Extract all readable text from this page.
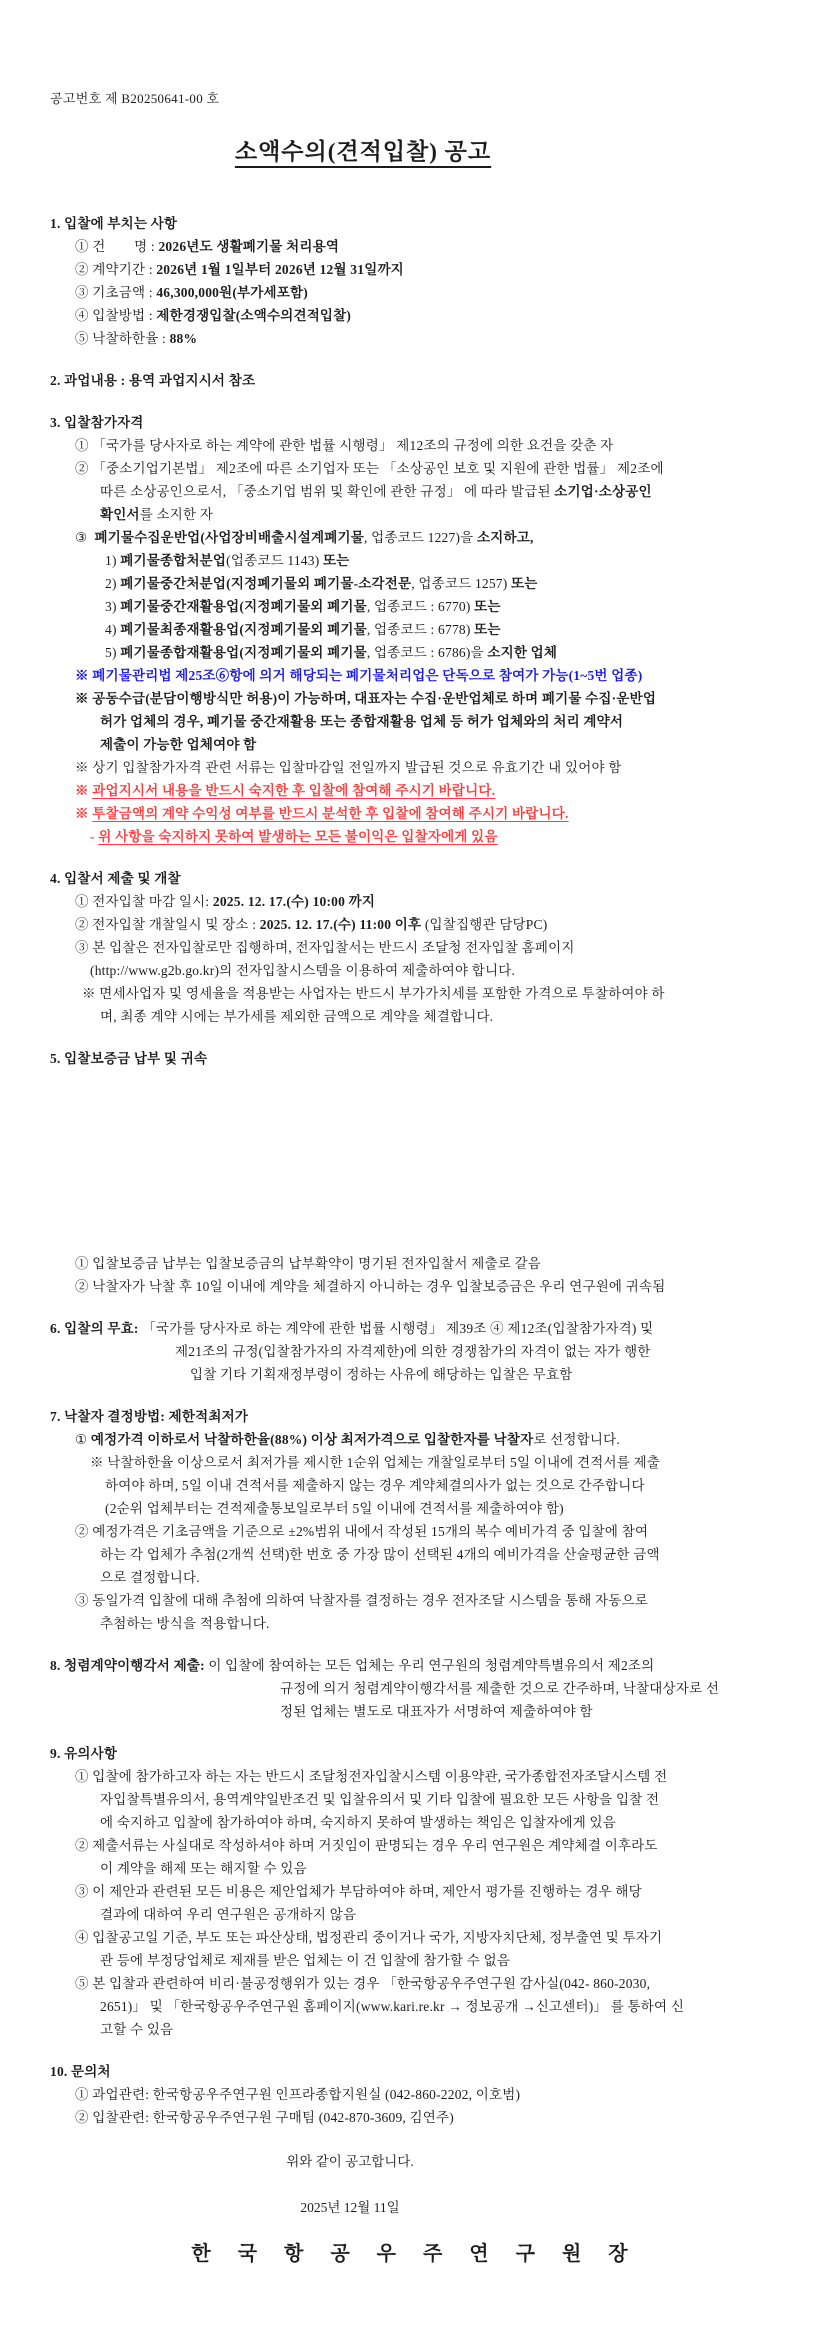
공고번호 제 B20250641-00 호
소액수의(견적입찰) 공고
1. 입찰에 부치는 사항
① 건        명 : 2026년도 생활폐기물 처리용역
② 계약기간 : 2026년 1월 1일부터 2026년 12월 31일까지
③ 기초금액 : 46,300,000원(부가세포함)
④ 입찰방법 : 제한경쟁입찰(소액수의견적입찰)
⑤ 낙찰하한율 : 88%
2. 과업내용 : 용역 과업지시서 참조
3. 입찰참가자격
① 「국가를 당사자로 하는 계약에 관한 법률 시행령」 제12조의 규정에 의한 요건을 갖춘 자
② 「중소기업기본법」 제2조에 따른 소기업자 또는 「소상공인 보호 및 지원에 관한 법률」 제2조에
따른 소상공인으로서, 「중소기업 범위 및 확인에 관한 규정」 에 따라 발급된 소기업·소상공인
확인서를 소지한 자
③  폐기물수집운반업(사업장비배출시설계폐기물, 업종코드 1227)을 소지하고,
1) 폐기물종합처분업(업종코드 1143) 또는
2) 폐기물중간처분업(지정폐기물외 폐기물-소각전문, 업종코드 1257) 또는
3) 폐기물중간재활용업(지정폐기물외 폐기물, 업종코드 : 6770) 또는
4) 폐기물최종재활용업(지정폐기물외 폐기물, 업종코드 : 6778) 또는
5) 폐기물종합재활용업(지정폐기물외 폐기물, 업종코드 : 6786)을 소지한 업체
※ 폐기물관리법 제25조⑥항에 의거 해당되는 폐기물처리업은 단독으로 참여가 가능(1~5번 업종)
※ 공동수급(분담이행방식만 허용)이 가능하며, 대표자는 수집·운반업체로 하며 폐기물 수집·운반업
허가 업체의 경우, 폐기물 중간재활용 또는 종합재활용 업체 등 허가 업체와의 처리 계약서
제출이 가능한 업체여야 함
※ 상기 입찰참가자격 관련 서류는 입찰마감일 전일까지 발급된 것으로 유효기간 내 있어야 함
※ 과업지시서 내용을 반드시 숙지한 후 입찰에 참여해 주시기 바랍니다.
※ 투찰금액의 계약 수익성 여부를 반드시 분석한 후 입찰에 참여해 주시기 바랍니다.
- 위 사항을 숙지하지 못하여 발생하는 모든 불이익은 입찰자에게 있음
4. 입찰서 제출 및 개찰
① 전자입찰 마감 일시: 2025. 12. 17.(수) 10:00 까지
② 전자입찰 개찰일시 및 장소 : 2025. 12. 17.(수) 11:00 이후 (입찰집행관 담당PC)
③ 본 입찰은 전자입찰로만 집행하며, 전자입찰서는 반드시 조달청 전자입찰 홈페이지
(http://www.g2b.go.kr)의 전자입찰시스템을 이용하여 제출하여야 합니다.
※ 면세사업자 및 영세율을 적용받는 사업자는 반드시 부가가치세를 포함한 가격으로 투찰하여야 하
며, 최종 계약 시에는 부가세를 제외한 금액으로 계약을 체결합니다.
5. 입찰보증금 납부 및 귀속
① 입찰보증금 납부는 입찰보증금의 납부확약이 명기된 전자입찰서 제출로 갈음
② 낙찰자가 낙찰 후 10일 이내에 계약을 체결하지 아니하는 경우 입찰보증금은 우리 연구원에 귀속됨
6. 입찰의 무효: 「국가를 당사자로 하는 계약에 관한 법률 시행령」 제39조 ④ 제12조(입찰참가자격) 및
제21조의 규정(입찰참가자의 자격제한)에 의한 경쟁참가의 자격이 없는 자가 행한
입찰 기타 기획재정부령이 정하는 사유에 해당하는 입찰은 무효함
7. 낙찰자 결정방법: 제한적최저가
① 예정가격 이하로서 낙찰하한율(88%) 이상 최저가격으로 입찰한자를 낙찰자로 선정합니다.
※ 낙찰하한율 이상으로서 최저가를 제시한 1순위 업체는 개찰일로부터 5일 이내에 견적서를 제출
하여야 하며, 5일 이내 견적서를 제출하지 않는 경우 계약체결의사가 없는 것으로 간주합니다
(2순위 업체부터는 견적제출통보일로부터 5일 이내에 견적서를 제출하여야 함)
② 예정가격은 기초금액을 기준으로 ±2%범위 내에서 작성된 15개의 복수 예비가격 중 입찰에 참여
하는 각 업체가 추첨(2개씩 선택)한 번호 중 가장 많이 선택된 4개의 예비가격을 산술평균한 금액
으로 결정합니다.
③ 동일가격 입찰에 대해 추첨에 의하여 낙찰자를 결정하는 경우 전자조달 시스템을 통해 자동으로
추첨하는 방식을 적용합니다.
8. 청렴계약이행각서 제출: 이 입찰에 참여하는 모든 업체는 우리 연구원의 청렴계약특별유의서 제2조의
규정에 의거 청렴계약이행각서를 제출한 것으로 간주하며, 낙찰대상자로 선
정된 업체는 별도로 대표자가 서명하여 제출하여야 함
9. 유의사항
① 입찰에 참가하고자 하는 자는 반드시 조달청전자입찰시스템 이용약관, 국가종합전자조달시스템 전
자입찰특별유의서, 용역계약일반조건 및 입찰유의서 및 기타 입찰에 필요한 모든 사항을 입찰 전
에 숙지하고 입찰에 참가하여야 하며, 숙지하지 못하여 발생하는 책임은 입찰자에게 있음
② 제출서류는 사실대로 작성하셔야 하며 거짓임이 판명되는 경우 우리 연구원은 계약체결 이후라도
이 계약을 해제 또는 해지할 수 있음
③ 이 제안과 관련된 모든 비용은 제안업체가 부담하여야 하며, 제안서 평가를 진행하는 경우 해당
결과에 대하여 우리 연구원은 공개하지 않음
④ 입찰공고일 기준, 부도 또는 파산상태, 법정관리 중이거나 국가, 지방자치단체, 정부출연 및 투자기
관 등에 부정당업체로 제재를 받은 업체는 이 건 입찰에 참가할 수 없음
⑤ 본 입찰과 관련하여 비리·불공정행위가 있는 경우 「한국항공우주연구원 감사실(042- 860-2030,
2651)」 및 「한국항공우주연구원 홈페이지(www.kari.re.kr → 정보공개 →신고센터)」 를 통하여 신
고할 수 있음
10. 문의처
① 과업관련: 한국항공우주연구원 인프라종합지원실 (042-860-2202, 이호범)
② 입찰관련: 한국항공우주연구원 구매팀 (042-870-3609, 김연주)
위와 같이 공고합니다.
2025년 12월 11일
한 국 항 공 우 주 연 구 원 장
